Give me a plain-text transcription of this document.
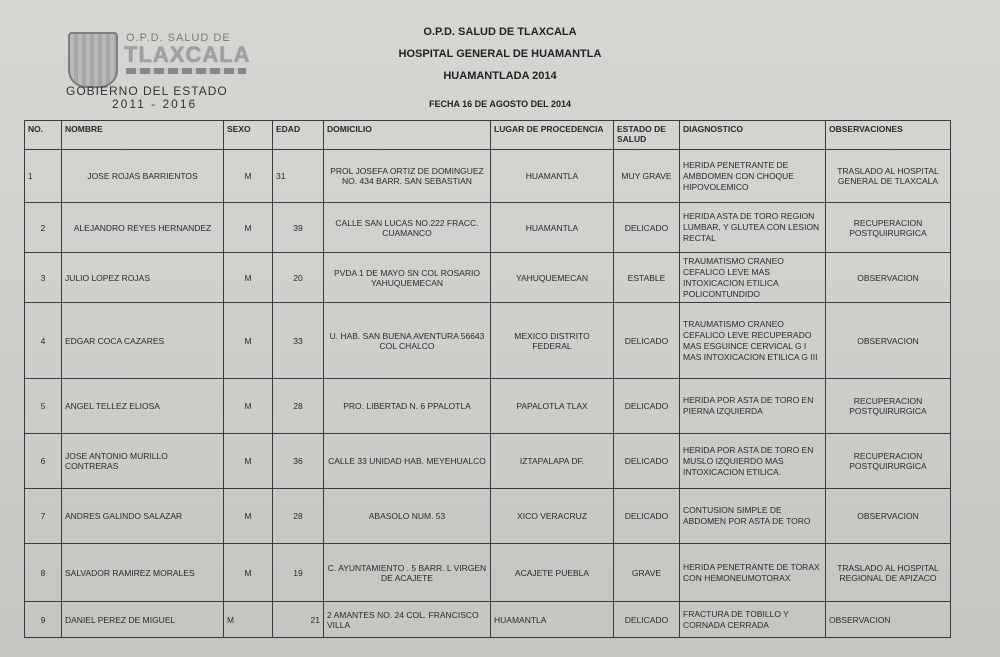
O.P.D. SALUD DE
TLAXCALA
GOBIERNO DEL ESTADO
2011 - 2016
O.P.D. SALUD DE TLAXCALA
HOSPITAL GENERAL DE HUAMANTLA
HUAMANTLADA 2014
FECHA 16 DE AGOSTO DEL 2014
NO.	NOMBRE	SEXO	EDAD	DOMICILIO	LUGAR DE PROCEDENCIA	ESTADO DE SALUD	DIAGNOSTICO	OBSERVACIONES
1	JOSE ROJAS BARRIENTOS	M	31	PROL JOSEFA ORTIZ DE DOMINGUEZ NO. 434 BARR. SAN SEBASTIAN	HUAMANTLA	MUY GRAVE	HERIDA PENETRANTE DE AMBDOMEN CON CHOQUE HIPOVOLEMICO	TRASLADO AL HOSPITAL GENERAL DE TLAXCALA
2	ALEJANDRO REYES HERNANDEZ	M	39	CALLE SAN LUCAS NO.222 FRACC. CUAMANCO	HUAMANTLA	DELICADO	HERIDA ASTA DE TORO REGION LUMBAR, Y GLUTEA CON LESION RECTAL	RECUPERACION POSTQUIRURGICA
3	JULIO LOPEZ ROJAS	M	20	PVDA 1 DE MAYO SN COL ROSARIO YAHUQUEMECAN	YAHUQUEMECAN	ESTABLE	TRAUMATISMO CRANEO CEFALICO LEVE MAS INTOXICACION ETILICA POLICONTUNDIDO	OBSERVACION
4	EDGAR COCA CAZARES	M	33	U. HAB. SAN BUENA AVENTURA 56643 COL CHALCO	MEXICO DISTRITO FEDERAL	DELICADO	TRAUMATISMO CRANEO CEFALICO LEVE RECUPERADO MAS ESGUINCE CERVICAL G I MAS INTOXICACION ETILICA G III	OBSERVACION
5	ANGEL TELLEZ ELIOSA	M	28	PRO. LIBERTAD N. 6 PPALOTLA	PAPALOTLA TLAX	DELICADO	HERIDA POR ASTA DE TORO EN PIERNA IZQUIERDA	RECUPERACION POSTQUIRURGICA
6	JOSE ANTONIO MURILLO CONTRERAS	M	36	CALLE 33 UNIDAD HAB. MEYEHUALCO	IZTAPALAPA DF.	DELICADO	HERIDA POR ASTA DE TORO EN MUSLO IZQUIERDO MAS INTOXICACION ETILICA.	RECUPERACION POSTQUIRURGICA
7	ANDRES GALINDO SALAZAR	M	28	ABASOLO NUM. 53	XICO VERACRUZ	DELICADO	CONTUSION SIMPLE DE ABDOMEN POR ASTA DE TORO	OBSERVACION
8	SALVADOR RAMIREZ MORALES	M	19	C. AYUNTAMIENTO . 5 BARR. L VIRGEN DE ACAJETE	ACAJETE PUEBLA	GRAVE	HERIDA PENETRANTE DE TORAX CON HEMONEUMOTORAX	TRASLADO AL HOSPITAL REGIONAL DE APIZACO
9	DANIEL PEREZ DE MIGUEL	M	21	2 AMANTES NO. 24 COL. FRANCISCO VILLA	HUAMANTLA	DELICADO	FRACTURA DE TOBILLO Y CORNADA CERRADA	OBSERVACION
